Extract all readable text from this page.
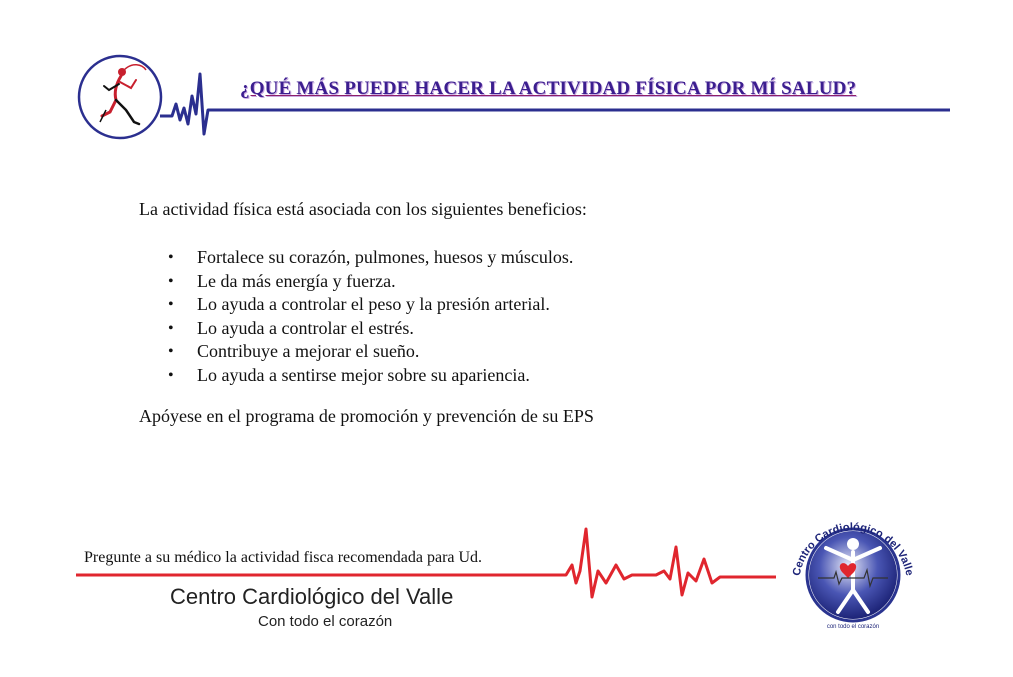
¿QUÉ MÁS PUEDE HACER LA ACTIVIDAD FÍSICA POR MÍ SALUD?
La actividad física está asociada con los siguientes beneficios:
• Fortalece su corazón, pulmones, huesos y músculos.
• Le da más energía y fuerza.
• Lo ayuda a controlar el peso y la presión arterial.
• Lo ayuda a controlar el estrés.
• Contribuye a mejorar el sueño.
• Lo ayuda a sentirse mejor sobre su apariencia.
Apóyese en el programa de promoción y prevención de su EPS
Pregunte a su médico la actividad fisca recomendada para Ud.
Centro Cardiológico del Valle
Con todo el corazón
Centro Cardiológico del Valle
con todo el corazón
